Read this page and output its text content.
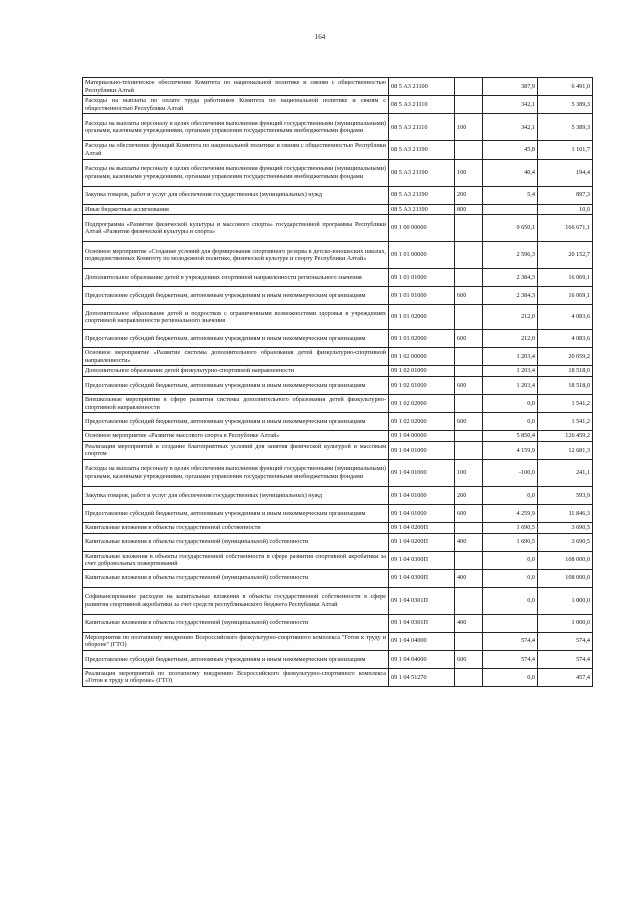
164
Материально-техническое обеспечение Комитета по национальной политике и связям с общественностью Республики Алтай	08 5 А3 21100		387,9	6 491,0
Расходы на выплаты по оплате труда работников Комитета по национальной политике и связям с общественностью Республики Алтай	08 5 А3 21110		342,1	5 389,3
Расходы на выплаты персоналу в целях обеспечения выполнения функций государственными (муниципальными) органами, казенными учреждениями, органами управления государственными внебюджетными фондами	08 5 А3 21110	100	342,1	5 389,3
Расходы на обеспечение функций Комитета по национальной политике и связям с общественностью Республики Алтай	08 5 А3 21190		45,8	1 101,7
Расходы на выплаты персоналу в целях обеспечения выполнения функций государственными (муниципальными) органами, казенными учреждениями, органами управления государственными внебюджетными фондами	08 5 А3 21190	100	40,4	194,4
Закупка товаров, работ и услуг для обеспечения государственных (муниципальных) нужд	08 5 А3 21190	200	5,4	897,3
Иные бюджетные ассигнования	08 5 А3 21190	800		10,0
Подпрограмма «Развитие физической культуры и массового спорта» государственной программы Республики Алтай «Развитие физической культуры и спорта»	09 1 00 00000		9 650,1	166 671,1
Основное мероприятие «Создание условий для формирования спортивного резерва в детско-юношеских школах, подведомственных Комитету по молодежной политике, физической культуре и спорту Республики Алтай»	09 1 01 00000		2 596,3	20 152,7
Дополнительное образование детей в учреждениях спортивной направленности регионального значения	09 1 01 01000		2 384,3	16 069,1
Предоставление субсидий бюджетным, автономным учреждениям и иным некоммерческим организациям	09 1 01 01000	600	2 384,3	16 069,1
Дополнительное образование детей и подростков с ограниченными возможностями здоровья в учреждениях спортивной направленности регионального значения	09 1 01 02000		212,0	4 083,6
Предоставление субсидий бюджетным, автономным учреждениям и иным некоммерческим организациям	09 1 01 02000	600	212,0	4 083,6
Основное мероприятие «Развитие системы дополнительного образования детей физкультурно-спортивной направленности»	09 1 02 00000		1 203,4	20 059,2
Дополнительное образование детей физкультурно-спортивной направленности	09 1 02 01000		1 203,4	18 518,0
Предоставление субсидий бюджетным, автономным учреждениям и иным некоммерческим организациям	09 1 02 01000	600	1 203,4	18 518,0
Внешкольные мероприятия в сфере развития системы дополнительного образования детей физкультурно-спортивной направленности	09 1 02 02000		0,0	1 541,2
Предоставление субсидий бюджетным, автономным учреждениям и иным некоммерческим организациям	09 1 02 02000	600	0,0	1 541,2
Основное мероприятие «Развитие массового спорта в Республике Алтай»	09 1 04 00000		5 850,4	126 459,2
Реализация мероприятий и создание благоприятных условий для занятия физической культурой и массовым спортом	09 1 04 01000		4 159,9	12 681,3
Расходы на выплаты персоналу в целях обеспечения выполнения функций государственными (муниципальными) органами, казенными учреждениями, органами управления государственными внебюджетными фондами	09 1 04 01000	100	-100,0	241,1
Закупка товаров, работ и услуг для обеспечения государственных (муниципальных) нужд	09 1 04 01000	200	0,0	593,9
Предоставление субсидий бюджетным, автономным учреждениям и иным некоммерческим организациям	09 1 04 01000	600	4 259,9	11 846,3
Капитальные вложения в объекты государственной собственности	09 1 04 0200П		1 690,5	3 690,5
Капитальные вложения в объекты государственной (муниципальной) собственности	09 1 04 0200П	400	1 690,5	3 690,5
Капитальные вложения в объекты государственной собственности в сфере развития спортивной акробатики за счет добровольных пожертвований	09 1 04 0300П		0,0	108 000,0
Капитальные вложения в объекты государственной (муниципальной) собственности	09 1 04 0300П	400	0,0	108 000,0
Софинансирование расходов на капитальные вложения в объекты государственной собственности в сфере развития спортивной акробатики за счет средств республиканского бюджета Республики Алтай	09 1 04 0301П		0,0	1 000,0
Капитальные вложения в объекты государственной (муниципальной) собственности	09 1 04 0301П	400		1 000,0
Мероприятия по поэтапному внедрению Всероссийского физкультурно-спортивного комплекса "Готов к труду и обороне" (ГТО)	09 1 04 04000		574,4	574,4
Предоставление субсидий бюджетным, автономным учреждениям и иным некоммерческим организациям	09 1 04 04000	600	574,4	574,4
Реализация мероприятий по поэтапному внедрению Всероссийского физкультурно-спортивного комплекса «Готов к труду и обороне» (ГТО)	09 1 04 51270		0,0	457,4
